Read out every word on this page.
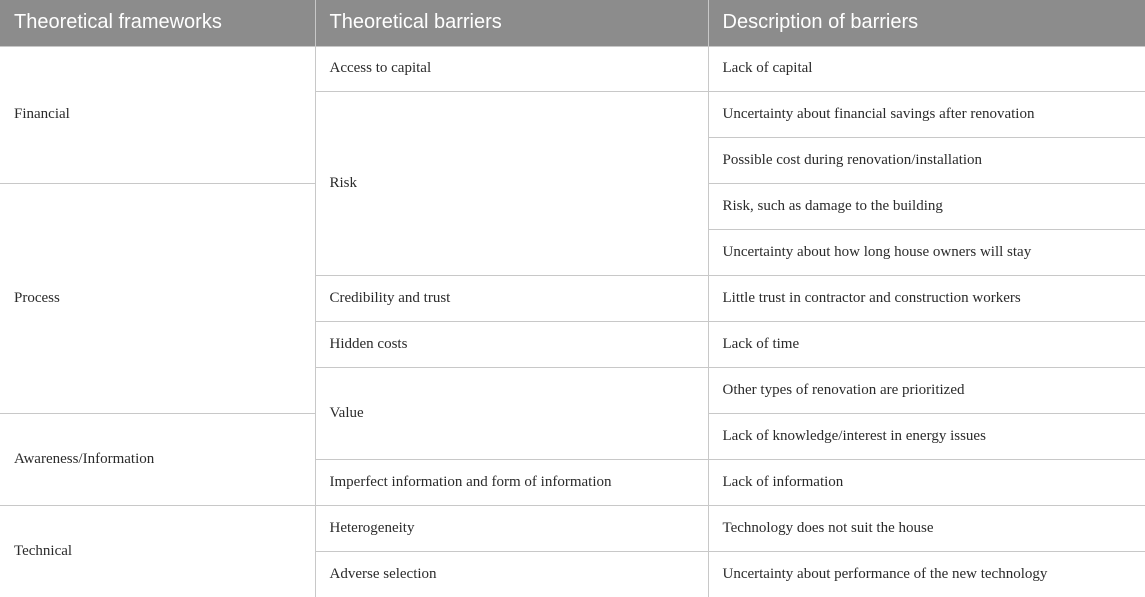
Theoretical frameworks	Theoretical barriers	Description of barriers
Financial	Access to capital	Lack of capital
	Risk	Uncertainty about financial savings after renovation
		Possible cost during renovation/installation
Process		Risk, such as damage to the building
		Uncertainty about how long house owners will stay
	Credibility and trust	Little trust in contractor and construction workers
	Hidden costs	Lack of time
	Value	Other types of renovation are prioritized
Awareness/Information		Lack of knowledge/interest in energy issues
	Imperfect information and form of information	Lack of information
Technical	Heterogeneity	Technology does not suit the house
	Adverse selection	Uncertainty about performance of the new technology
